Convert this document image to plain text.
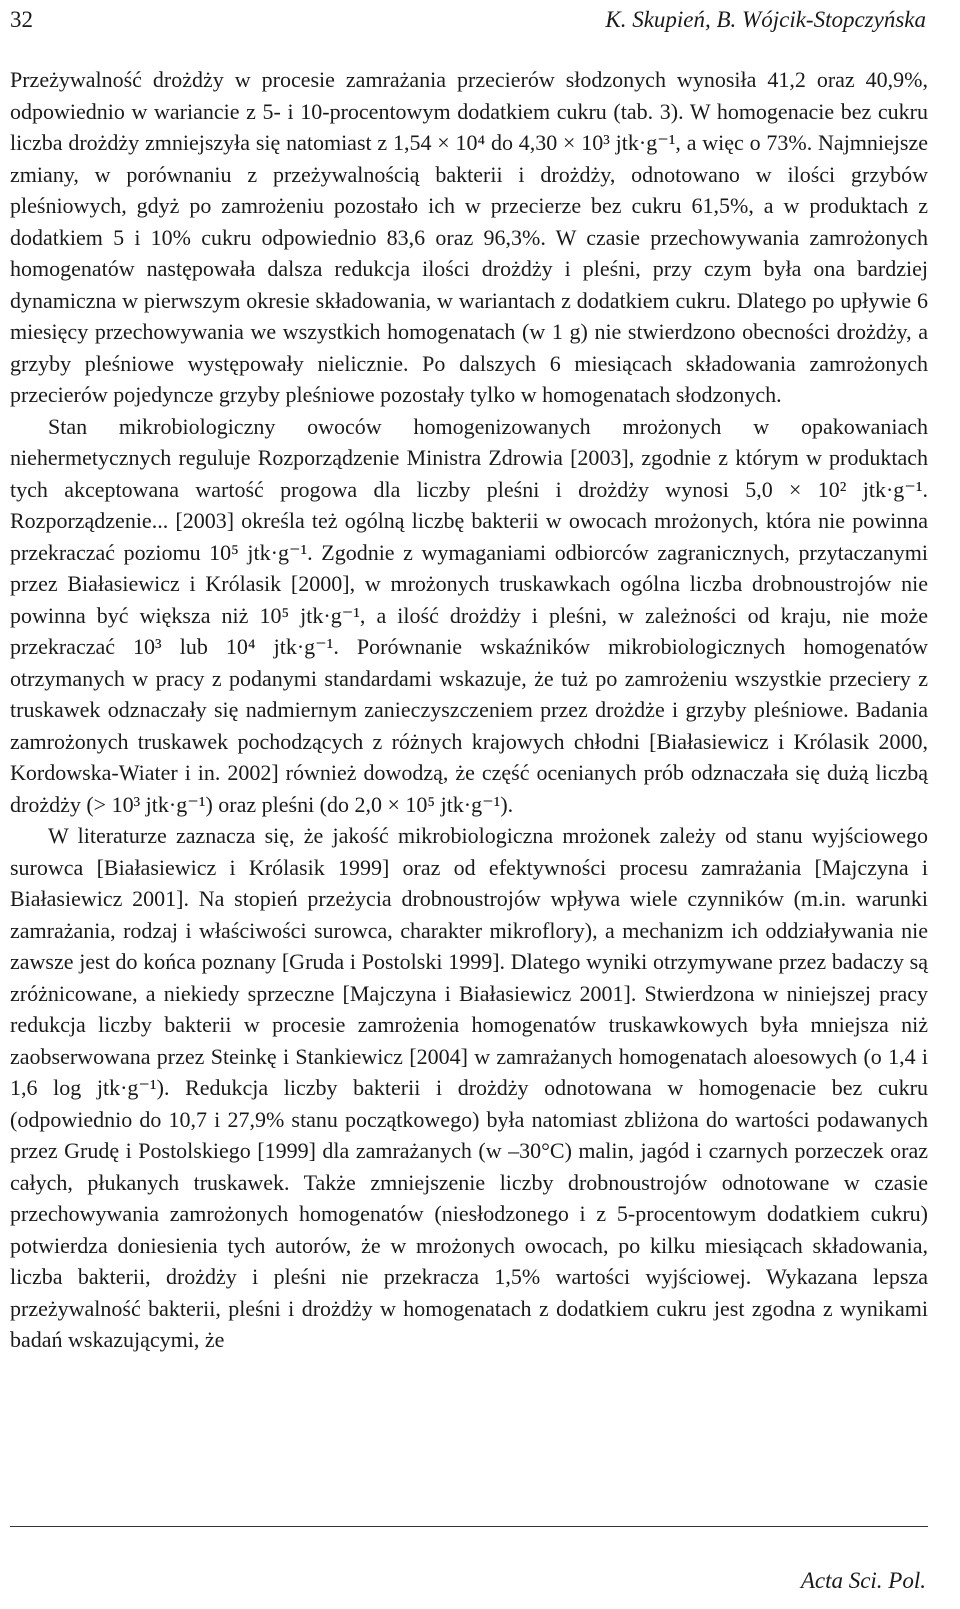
32	K. Skupień, B. Wójcik-Stopczyńska

Przeżywalność drożdży w procesie zamrażania przecierów słodzonych wynosiła 41,2 oraz 40,9%, odpowiednio w wariancie z 5- i 10-procentowym dodatkiem cukru (tab. 3). W homogenacie bez cukru liczba drożdży zmniejszyła się natomiast z 1,54 × 10⁴ do 4,30 × 10³ jtk·g⁻¹, a więc o 73%. Najmniejsze zmiany, w porównaniu z przeżywalnością bakterii i drożdży, odnotowano w ilości grzybów pleśniowych, gdyż po zamrożeniu pozostało ich w przecierze bez cukru 61,5%, a w produktach z dodatkiem 5 i 10% cukru odpowiednio 83,6 oraz 96,3%. W czasie przechowywania zamrożonych homogenatów następowała dalsza redukcja ilości drożdży i pleśni, przy czym była ona bardziej dynamiczna w pierwszym okresie składowania, w wariantach z dodatkiem cukru. Dlatego po upływie 6 miesięcy przechowywania we wszystkich homogenatach (w 1 g) nie stwierdzono obecności drożdży, a grzyby pleśniowe występowały nielicznie. Po dalszych 6 miesiącach składowania zamrożonych przecierów pojedyncze grzyby pleśniowe pozostały tylko w homogenatach słodzonych.

Stan mikrobiologiczny owoców homogenizowanych mrożonych w opakowaniach niehermetycznych reguluje Rozporządzenie Ministra Zdrowia [2003], zgodnie z którym w produktach tych akceptowana wartość progowa dla liczby pleśni i drożdży wynosi 5,0 × 10² jtk·g⁻¹. Rozporządzenie... [2003] określa też ogólną liczbę bakterii w owocach mrożonych, która nie powinna przekraczać poziomu 10⁵ jtk·g⁻¹. Zgodnie z wymaganiami odbiorców zagranicznych, przytaczanymi przez Białasiewicz i Królasik [2000], w mrożonych truskawkach ogólna liczba drobnoustrojów nie powinna być większa niż 10⁵ jtk·g⁻¹, a ilość drożdży i pleśni, w zależności od kraju, nie może przekraczać 10³ lub 10⁴ jtk·g⁻¹. Porównanie wskaźników mikrobiologicznych homogenatów otrzymanych w pracy z podanymi standardami wskazuje, że tuż po zamrożeniu wszystkie przeciery z truskawek odznaczały się nadmiernym zanieczyszczeniem przez drożdże i grzyby pleśniowe. Badania zamrożonych truskawek pochodzących z różnych krajowych chłodni [Białasiewicz i Królasik 2000, Kordowska-Wiater i in. 2002] również dowodzą, że część ocenianych prób odznaczała się dużą liczbą drożdży (> 10³ jtk·g⁻¹) oraz pleśni (do 2,0 × 10⁵ jtk·g⁻¹).

W literaturze zaznacza się, że jakość mikrobiologiczna mrożonek zależy od stanu wyjściowego surowca [Białasiewicz i Królasik 1999] oraz od efektywności procesu zamrażania [Majczyna i Białasiewicz 2001]. Na stopień przeżycia drobnoustrojów wpływa wiele czynników (m.in. warunki zamrażania, rodzaj i właściwości surowca, charakter mikroflory), a mechanizm ich oddziaływania nie zawsze jest do końca poznany [Gruda i Postolski 1999]. Dlatego wyniki otrzymywane przez badaczy są zróżnicowane, a niekiedy sprzeczne [Majczyna i Białasiewicz 2001]. Stwierdzona w niniejszej pracy redukcja liczby bakterii w procesie zamrożenia homogenatów truskawkowych była mniejsza niż zaobserwowana przez Steinkę i Stankiewicz [2004] w zamrażanych homogenatach aloesowych (o 1,4 i 1,6 log jtk·g⁻¹). Redukcja liczby bakterii i drożdży odnotowana w homogenacie bez cukru (odpowiednio do 10,7 i 27,9% stanu początkowego) była natomiast zbliżona do wartości podawanych przez Grudę i Postolskiego [1999] dla zamrażanych (w –30°C) malin, jagód i czarnych porzeczek oraz całych, płukanych truskawek. Także zmniejszenie liczby drobnoustrojów odnotowane w czasie przechowywania zamrożonych homogenatów (niesłodzonego i z 5-procentowym dodatkiem cukru) potwierdza doniesienia tych autorów, że w mrożonych owocach, po kilku miesiącach składowania, liczba bakterii, drożdży i pleśni nie przekracza 1,5% wartości wyjściowej. Wykazana lepsza przeżywalność bakterii, pleśni i drożdży w homogenatach z dodatkiem cukru jest zgodna z wynikami badań wskazującymi, że

Acta Sci. Pol.
